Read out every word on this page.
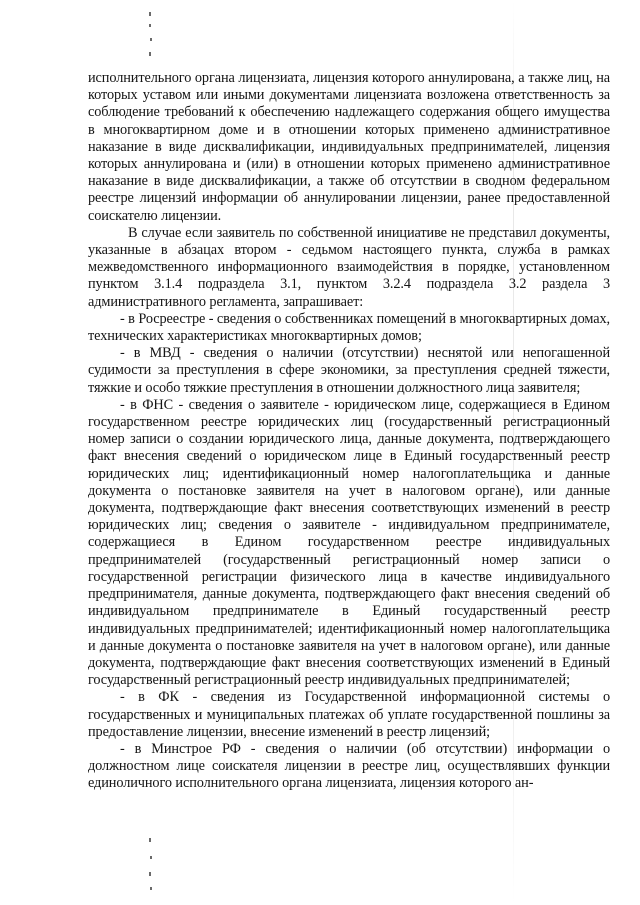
исполнительного органа лицензиата, лицензия которого аннулирована, а также лиц, на которых уставом или иными документами лицензиата возложена ответственность за соблюдение требований к обеспечению надлежащего содержания общего имущества в многоквартирном доме и в отношении которых применено административное наказание в виде дисквалификации, индивидуальных предпринимателей, лицензия которых аннулирована и (или) в отношении которых применено административное наказание в виде дисквалификации, а также об отсутствии в сводном федеральном реестре лицензий информации об аннулировании лицензии, ранее предоставленной соискателю лицензии.

В случае если заявитель по собственной инициативе не представил документы, указанные в абзацах втором - седьмом настоящего пункта, служба в рамках межведомственного информационного взаимодействия в порядке, установленном пунктом 3.1.4 подраздела 3.1, пунктом 3.2.4 подраздела 3.2 раздела 3 административного регламента, запрашивает:

- в Росреестре - сведения о собственниках помещений в многоквартирных домах, технических характеристиках многоквартирных домов;

- в МВД - сведения о наличии (отсутствии) неснятой или непогашенной судимости за преступления в сфере экономики, за преступления средней тяжести, тяжкие и особо тяжкие преступления в отношении должностного лица заявителя;

- в ФНС - сведения о заявителе - юридическом лице, содержащиеся в Едином государственном реестре юридических лиц (государственный регистрационный номер записи о создании юридического лица, данные документа, подтверждающего факт внесения сведений о юридическом лице в Единый государственный реестр юридических лиц; идентификационный номер налогоплательщика и данные документа о постановке заявителя на учет в налоговом органе), или данные документа, подтверждающие факт внесения соответствующих изменений в реестр юридических лиц; сведения о заявителе - индивидуальном предпринимателе, содержащиеся в Едином государственном реестре индивидуальных предпринимателей (государственный регистрационный номер записи о государственной регистрации физического лица в качестве индивидуального предпринимателя, данные документа, подтверждающего факт внесения сведений об индивидуальном предпринимателе в Единый государственный реестр индивидуальных предпринимателей; идентификационный номер налогоплательщика и данные документа о постановке заявителя на учет в налоговом органе), или данные документа, подтверждающие факт внесения соответствующих изменений в Единый государственный регистрационный реестр индивидуальных предпринимателей;

- в ФК - сведения из Государственной информационной системы о государственных и муниципальных платежах об уплате государственной пошлины за предоставление лицензии, внесение изменений в реестр лицензий;

- в Минстрое РФ - сведения о наличии (об отсутствии) информации о должностном лице соискателя лицензии в реестре лиц, осуществлявших функции единоличного исполнительного органа лицензиата, лицензия которого ан-
